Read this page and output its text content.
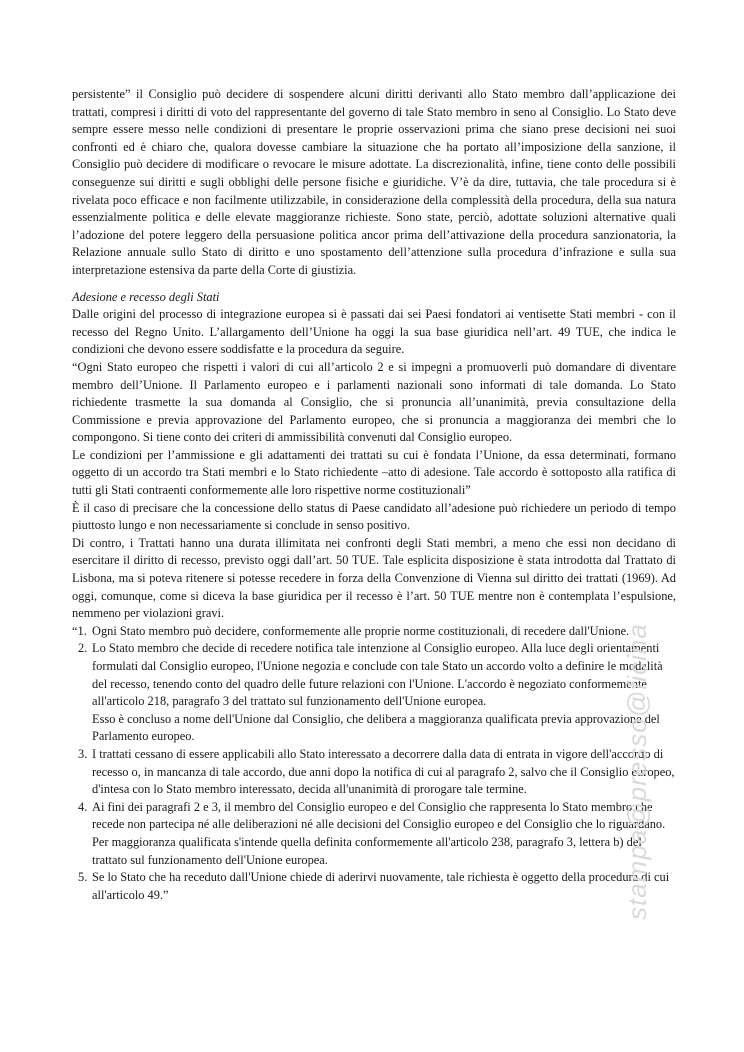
persistente” il Consiglio può decidere di sospendere alcuni diritti derivanti allo Stato membro dall’applicazione dei trattati, compresi i diritti di voto del rappresentante del governo di tale Stato membro in seno al Consiglio. Lo Stato deve sempre essere messo nelle condizioni di presentare le proprie osservazioni prima che siano prese decisioni nei suoi confronti ed è chiaro che, qualora dovesse cambiare la situazione che ha portato all’imposizione della sanzione, il Consiglio può decidere di modificare o revocare le misure adottate. La discrezionalità, infine, tiene conto delle possibili conseguenze sui diritti e sugli obblighi delle persone fisiche e giuridiche. V’è da dire, tuttavia, che tale procedura si è rivelata poco efficace e non facilmente utilizzabile, in considerazione della complessità della procedura, della sua natura essenzialmente politica e delle elevate maggioranze richieste. Sono state, perciò, adottate soluzioni alternative quali l’adozione del potere leggero della persuasione politica ancor prima dell’attivazione della procedura sanzionatoria, la Relazione annuale sullo Stato di diritto e uno spostamento dell’attenzione sulla procedura d’infrazione e sulla sua interpretazione estensiva da parte della Corte di giustizia.

Adesione e recesso degli Stati

Dalle origini del processo di integrazione europea si è passati dai sei Paesi fondatori ai ventisette Stati membri - con il recesso del Regno Unito. L’allargamento dell’Unione ha oggi la sua base giuridica nell’art. 49 TUE, che indica le condizioni che devono essere soddisfatte e la procedura da seguire.

“Ogni Stato europeo che rispetti i valori di cui all’articolo 2 e si impegni a promuoverli può domandare di diventare membro dell’Unione. Il Parlamento europeo e i parlamenti nazionali sono informati di tale domanda. Lo Stato richiedente trasmette la sua domanda al Consiglio, che si pronuncia all’unanimità, previa consultazione della Commissione e previa approvazione del Parlamento europeo, che si pronuncia a maggioranza dei membri che lo compongono. Si tiene conto dei criteri di ammissibilità convenuti dal Consiglio europeo.

Le condizioni per l’ammissione e gli adattamenti dei trattati su cui è fondata l’Unione, da essa determinati, formano oggetto di un accordo tra Stati membri e lo Stato richiedente –atto di adesione. Tale accordo è sottoposto alla ratifica di tutti gli Stati contraenti conformemente alle loro rispettive norme costituzionali”

È il caso di precisare che la concessione dello status di Paese candidato all’adesione può richiedere un periodo di tempo piuttosto lungo e non necessariamente si conclude in senso positivo.

Di contro, i Trattati hanno una durata illimitata nei confronti degli Stati membri, a meno che essi non decidano di esercitare il diritto di recesso, previsto oggi dall’art. 50 TUE. Tale esplicita disposizione è stata introdotta dal Trattato di Lisbona, ma si poteva ritenere si potesse recedere in forza della Convenzione di Vienna sul diritto dei trattati (1969). Ad oggi, comunque, come si diceva la base giuridica per il recesso è l’art. 50 TUE mentre non è contemplata l’espulsione, nemmeno per violazioni gravi.

“1. Ogni Stato membro può decidere, conformemente alle proprie norme costituzionali, di recedere dall'Unione.
2. Lo Stato membro che decide di recedere notifica tale intenzione al Consiglio europeo. Alla luce degli orientamenti formulati dal Consiglio europeo, l'Unione negozia e conclude con tale Stato un accordo volto a definire le modalità del recesso, tenendo conto del quadro delle future relazioni con l'Unione. L'accordo è negoziato conformemente all'articolo 218, paragrafo 3 del trattato sul funzionamento dell'Unione europea.
Esso è concluso a nome dell'Unione dal Consiglio, che delibera a maggioranza qualificata previa approvazione del Parlamento europeo.
3. I trattati cessano di essere applicabili allo Stato interessato a decorrere dalla data di entrata in vigore dell'accordo di recesso o, in mancanza di tale accordo, due anni dopo la notifica di cui al paragrafo 2, salvo che il Consiglio europeo, d'intesa con lo Stato membro interessato, decida all'unanimità di prorogare tale termine.
4. Ai fini dei paragrafi 2 e 3, il membro del Consiglio europeo e del Consiglio che rappresenta lo Stato membro che recede non partecipa né alle deliberazioni né alle decisioni del Consiglio europeo e del Consiglio che lo riguardano. Per maggioranza qualificata s'intende quella definita conformemente all'articolo 238, paragrafo 3, lettera b) del trattato sul funzionamento dell'Unione europea.
5. Se lo Stato che ha receduto dall'Unione chiede di aderirvi nuovamente, tale richiesta è oggetto della procedura di cui all'articolo 49.”	stampa@presso@ficina
